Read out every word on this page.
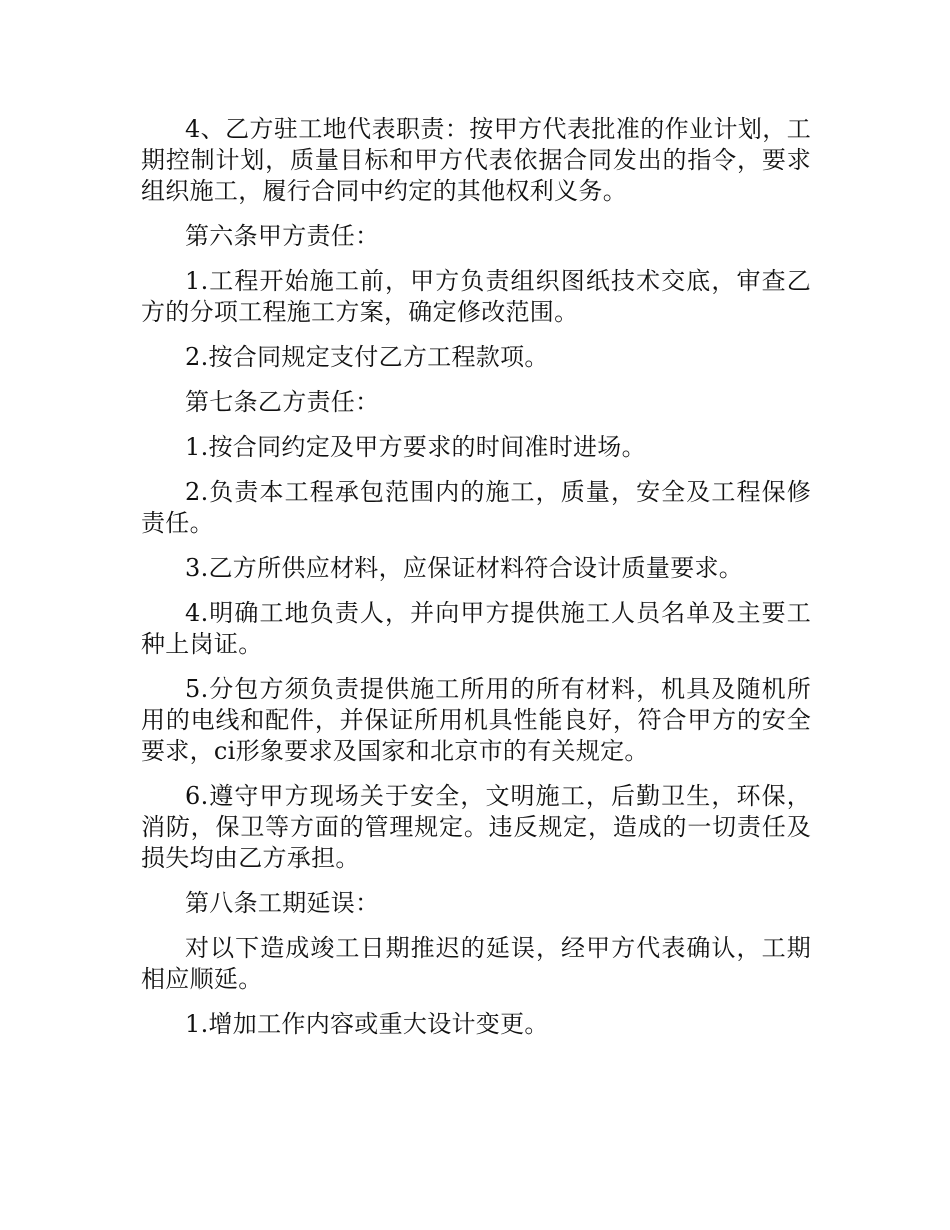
4、乙方驻工地代表职责：按甲方代表批准的作业计划，工期控制计划，质量目标和甲方代表依据合同发出的指令，要求组织施工，履行合同中约定的其他权利义务。

第六条甲方责任：

1.工程开始施工前，甲方负责组织图纸技术交底，审查乙方的分项工程施工方案，确定修改范围。

2.按合同规定支付乙方工程款项。

第七条乙方责任：

1.按合同约定及甲方要求的时间准时进场。

2.负责本工程承包范围内的施工，质量，安全及工程保修责任。

3.乙方所供应材料，应保证材料符合设计质量要求。

4.明确工地负责人，并向甲方提供施工人员名单及主要工种上岗证。

5.分包方须负责提供施工所用的所有材料，机具及随机所用的电线和配件，并保证所用机具性能良好，符合甲方的安全要求，ci形象要求及国家和北京市的有关规定。

6.遵守甲方现场关于安全，文明施工，后勤卫生，环保，消防，保卫等方面的管理规定。违反规定，造成的一切责任及损失均由乙方承担。

第八条工期延误：

对以下造成竣工日期推迟的延误，经甲方代表确认，工期相应顺延。

1.增加工作内容或重大设计变更。
